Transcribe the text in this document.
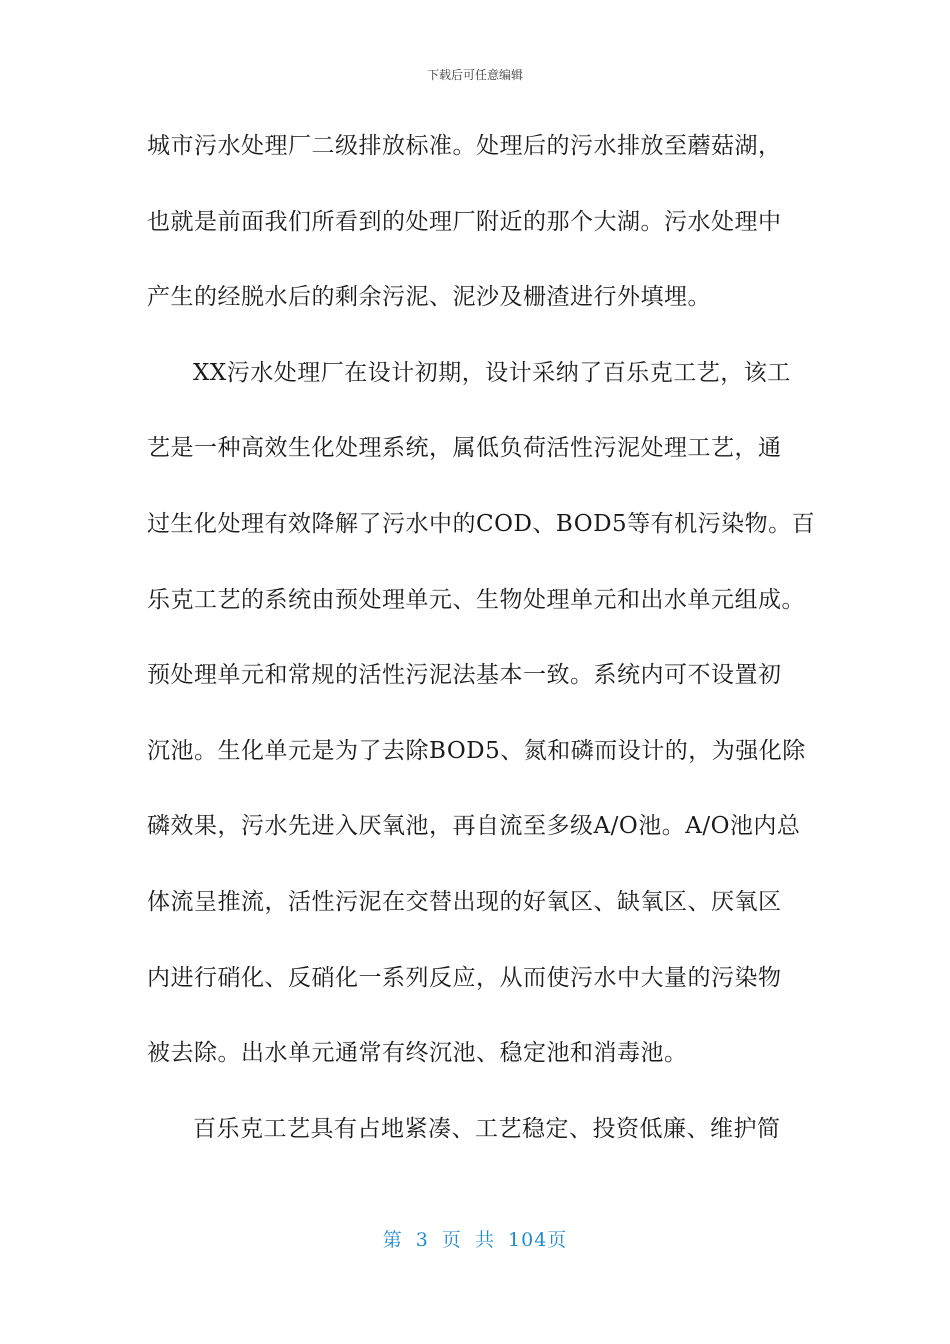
下载后可任意编辑
城市污水处理厂二级排放标准。处理后的污水排放至蘑菇湖，
也就是前面我们所看到的处理厂附近的那个大湖。污水处理中
产生的经脱水后的剩余污泥、泥沙及栅渣进行外填埋。
XX污水处理厂在设计初期，设计采纳了百乐克工艺，该工
艺是一种高效生化处理系统，属低负荷活性污泥处理工艺，通
过生化处理有效降解了污水中的COD、BOD5等有机污染物。百
乐克工艺的系统由预处理单元、生物处理单元和出水单元组成。
预处理单元和常规的活性污泥法基本一致。系统内可不设置初
沉池。生化单元是为了去除BOD5、氮和磷而设计的，为强化除
磷效果，污水先进入厌氧池，再自流至多级A/O池。A/O池内总
体流呈推流，活性污泥在交替出现的好氧区、缺氧区、厌氧区
内进行硝化、反硝化一系列反应，从而使污水中大量的污染物
被去除。出水单元通常有终沉池、稳定池和消毒池。
百乐克工艺具有占地紧凑、工艺稳定、投资低廉、维护简
第 3 页 共 104页
